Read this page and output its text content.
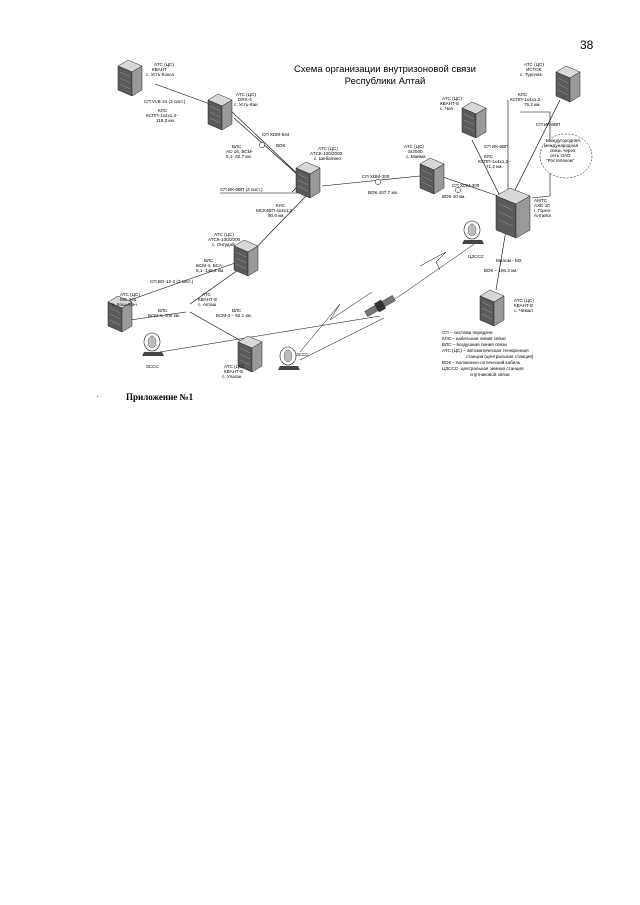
38
Схема организации внутризоновой связи
Республики Алтай
·	Приложение №1
АТС (ЦС) КВАНТ с. Усть-Кокса
АТС (ЦС) DRX-4 с. Усть-Кан
АТС (ЦС) АТСК-100/2000 с. Шебалино
АТС (ЦС) SI2000 с. Майма
АТС (ЦС) КВАНТ-Е с. Чоя
АТС (ЦС) ИСТОК с. Турочак
АМТС АХЕ-10 г. Горно-Алтайск
АТС (ЦС) АТСК-100/2000 с. Онгудай
АТС (ЦС) МС-240 с. Кош-Агач
АТС КВАНТ-Е с. Акташ
АТС (ЦС) КВАНТ-Е с. Улаган
АТС (ЦС) КВАНТ-Е с. Чемал
СП VLB-24 (3 сист.)
КЛС КСПП-1х4х1,2-118,3 км.
СП XDM-544
ВОК
ВЛС АС-16, БСМ-5,1- 62,7 км.
СП ИК-6ВП (2 сист.)
КЛС МСК4ВП-4х4х1,2 -90,6 км.
СП XDM-300
ВОК-107,7 км.
СП XDM-300
ВОК-10 км.
КЛС КСПП-1х4х1,2 -71,2 км.
СП ИК-6ВП
КЛС КСПП-1х4х1,2 -75,2 км.
СП ИК-6ВП
Междугородняя, международная связь через сеть ОАО "Ростелеком"
ВЛС БСМ-4, БСА-5,1- 148,2 км.
СП ВО-12-3 (3 сист.)
ВЛС БСМ-4, 100 км.
ВЛС БСМ-3 – 52,1 км.
Малом - МХ
ВОК – 106,3 км.
ЗССС
ЗССС
ЦЗССС
СП – система передачи
КЛС – кабельная линия связи
ВЛС – воздушная линия связи
АТС (ЦС) – автоматическая телефонная
станция (центральная станция)
ВОК – волоконно-оптический кабель
ЦЗССС- центральная земная станция
спутниковой связи
